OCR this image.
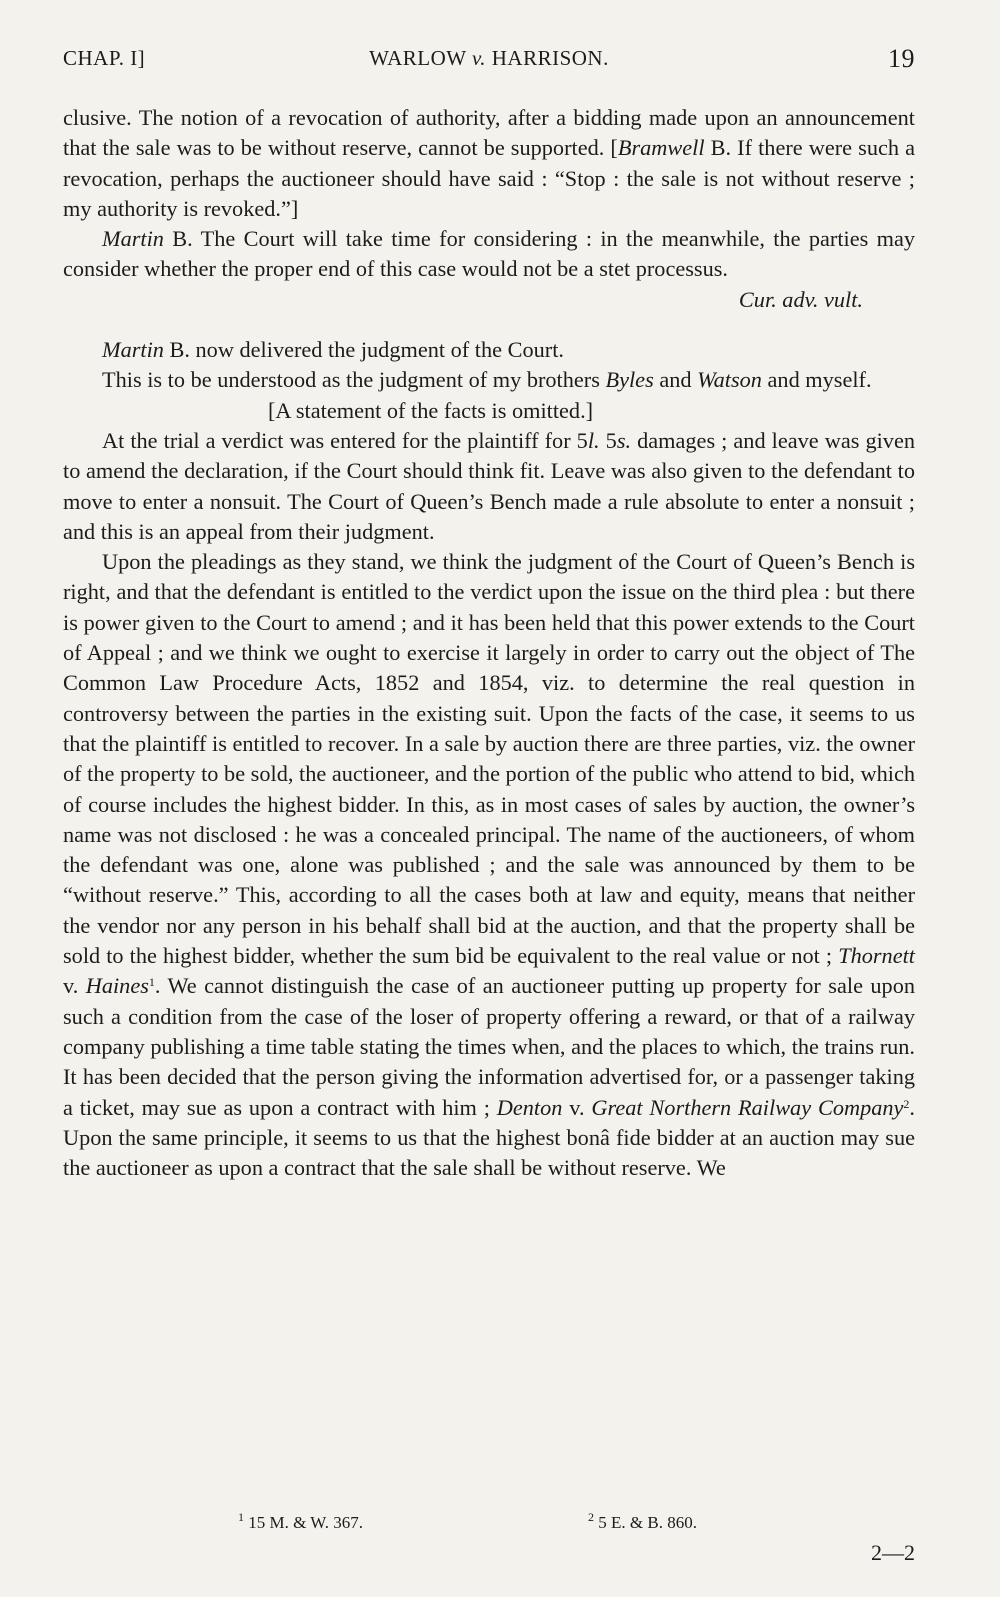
CHAP. I]	WARLOW v. HARRISON.	19

clusive. The notion of a revocation of authority, after a bidding made upon an announcement that the sale was to be without reserve, cannot be supported. [Bramwell B. If there were such a revocation, perhaps the auctioneer should have said : “Stop : the sale is not without reserve ; my authority is revoked.”]

Martin B. The Court will take time for considering : in the meanwhile, the parties may consider whether the proper end of this case would not be a stet processus.

Cur. adv. vult.

Martin B. now delivered the judgment of the Court.

This is to be understood as the judgment of my brothers Byles and Watson and myself.

[A statement of the facts is omitted.]

At the trial a verdict was entered for the plaintiff for 5l. 5s. damages ; and leave was given to amend the declaration, if the Court should think fit. Leave was also given to the defendant to move to enter a nonsuit. The Court of Queen’s Bench made a rule absolute to enter a nonsuit ; and this is an appeal from their judgment.

Upon the pleadings as they stand, we think the judgment of the Court of Queen’s Bench is right, and that the defendant is entitled to the verdict upon the issue on the third plea : but there is power given to the Court to amend ; and it has been held that this power extends to the Court of Appeal ; and we think we ought to exercise it largely in order to carry out the object of The Common Law Procedure Acts, 1852 and 1854, viz. to determine the real question in controversy between the parties in the existing suit. Upon the facts of the case, it seems to us that the plaintiff is entitled to recover. In a sale by auction there are three parties, viz. the owner of the property to be sold, the auctioneer, and the portion of the public who attend to bid, which of course includes the highest bidder. In this, as in most cases of sales by auction, the owner’s name was not disclosed : he was a concealed principal. The name of the auctioneers, of whom the defendant was one, alone was published ; and the sale was announced by them to be “without reserve.” This, according to all the cases both at law and equity, means that neither the vendor nor any person in his behalf shall bid at the auction, and that the property shall be sold to the highest bidder, whether the sum bid be equivalent to the real value or not ; Thornett v. Haines$^1$. We cannot distinguish the case of an auctioneer putting up property for sale upon such a condition from the case of the loser of property offering a reward, or that of a railway company publishing a time table stating the times when, and the places to which, the trains run. It has been decided that the person giving the information advertised for, or a passenger taking a ticket, may sue as upon a contract with him ; Denton v. Great Northern Railway Company$^2$. Upon the same principle, it seems to us that the highest bonâ fide bidder at an auction may sue the auctioneer as upon a contract that the sale shall be without reserve. We

$^1$ 15 M. & W. 367.	$^2$ 5 E. & B. 860.
2—2
